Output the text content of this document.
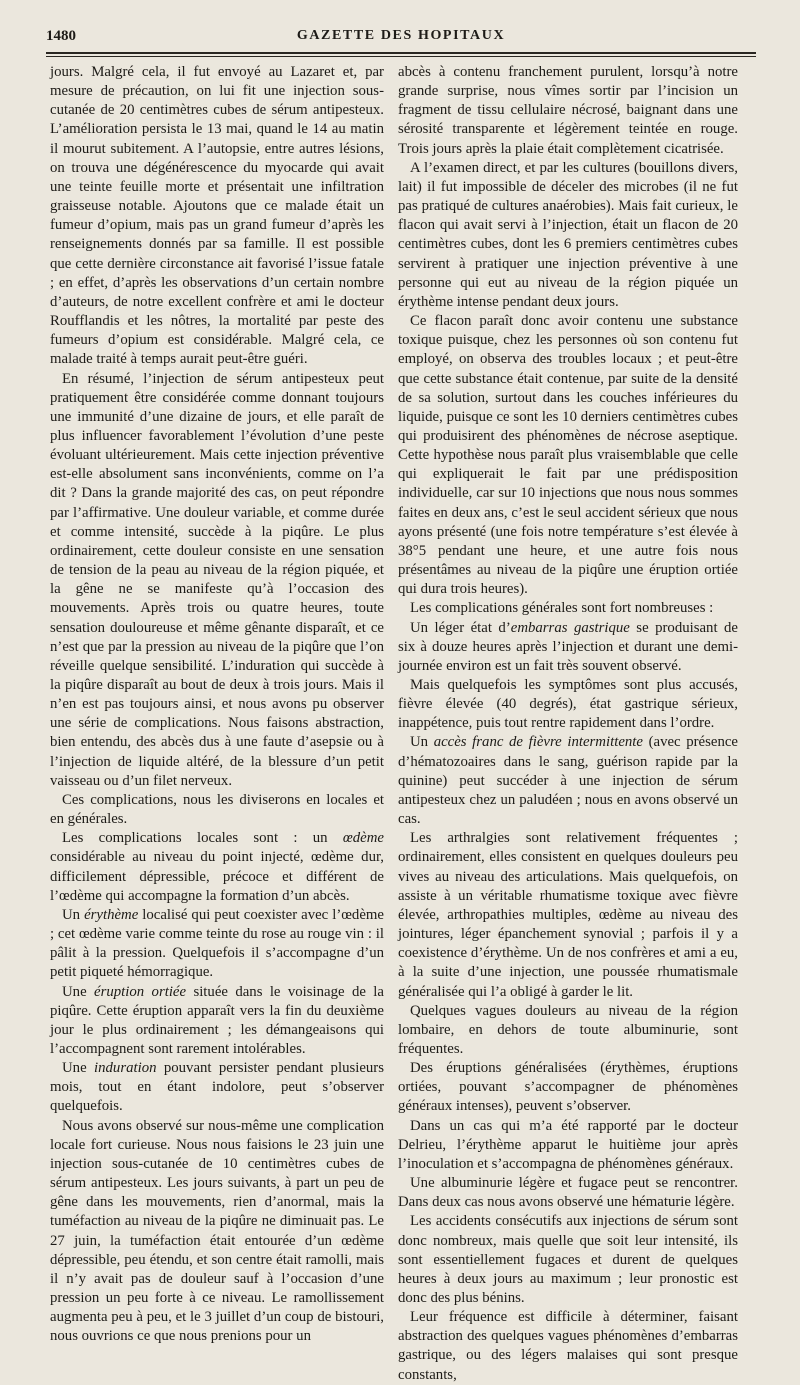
1480	GAZETTE DES HOPITAUX

jours. Malgré cela, il fut envoyé au Lazaret et, par mesure de précaution, on lui fit une injection sous-cutanée de 20 centimètres cubes de sérum antipesteux. L’amélioration persista le 13 mai, quand le 14 au matin il mourut subitement. A l’autopsie, entre autres lésions, on trouva une dégénérescence du myocarde qui avait une teinte feuille morte et présentait une infiltration graisseuse notable. Ajoutons que ce malade était un fumeur d’opium, mais pas un grand fumeur d’après les renseignements donnés par sa famille. Il est possible que cette dernière circonstance ait favorisé l’issue fatale ; en effet, d’après les observations d’un certain nombre d’auteurs, de notre excellent confrère et ami le docteur Roufflandis et les nôtres, la mortalité par peste des fumeurs d’opium est considérable. Malgré cela, ce malade traité à temps aurait peut-être guéri.

En résumé, l’injection de sérum antipesteux peut pratiquement être considérée comme donnant toujours une immunité d’une dizaine de jours, et elle paraît de plus influencer favorablement l’évolution d’une peste évoluant ultérieurement. Mais cette injection préventive est-elle absolument sans inconvénients, comme on l’a dit ? Dans la grande majorité des cas, on peut répondre par l’affirmative. Une douleur variable, et comme durée et comme intensité, succède à la piqûre. Le plus ordinairement, cette douleur consiste en une sensation de tension de la peau au niveau de la région piquée, et la gêne ne se manifeste qu’à l’occasion des mouvements. Après trois ou quatre heures, toute sensation douloureuse et même gênante disparaît, et ce n’est que par la pression au niveau de la piqûre que l’on réveille quelque sensibilité. L’induration qui succède à la piqûre disparaît au bout de deux à trois jours. Mais il n’en est pas toujours ainsi, et nous avons pu observer une série de complications. Nous faisons abstraction, bien entendu, des abcès dus à une faute d’asepsie ou à l’injection de liquide altéré, de la blessure d’un petit vaisseau ou d’un filet nerveux.

Ces complications, nous les diviserons en locales et en générales.

Les complications locales sont : un œdème considérable au niveau du point injecté, œdème dur, difficilement dépressible, précoce et différent de l’œdème qui accompagne la formation d’un abcès.

Un érythème localisé qui peut coexister avec l’œdème ; cet œdème varie comme teinte du rose au rouge vin : il pâlit à la pression. Quelquefois il s’accompagne d’un petit piqueté hémorragique.

Une éruption ortiée située dans le voisinage de la piqûre. Cette éruption apparaît vers la fin du deuxième jour le plus ordinairement ; les démangeaisons qui l’accompagnent sont rarement intolérables.

Une induration pouvant persister pendant plusieurs mois, tout en étant indolore, peut s’observer quelquefois.

Nous avons observé sur nous-même une complication locale fort curieuse. Nous nous faisions le 23 juin une injection sous-cutanée de 10 centimètres cubes de sérum antipesteux. Les jours suivants, à part un peu de gêne dans les mouvements, rien d’anormal, mais la tuméfaction au niveau de la piqûre ne diminuait pas. Le 27 juin, la tuméfaction était entourée d’un œdème dépressible, peu étendu, et son centre était ramolli, mais il n’y avait pas de douleur sauf à l’occasion d’une pression un peu forte à ce niveau. Le ramollissement augmenta peu à peu, et le 3 juillet d’un coup de bistouri, nous ouvrions ce que nous prenions pour un

abcès à contenu franchement purulent, lorsqu’à notre grande surprise, nous vîmes sortir par l’incision un fragment de tissu cellulaire nécrosé, baignant dans une sérosité transparente et légèrement teintée en rouge. Trois jours après la plaie était complètement cicatrisée.

A l’examen direct, et par les cultures (bouillons divers, lait) il fut impossible de déceler des microbes (il ne fut pas pratiqué de cultures anaérobies). Mais fait curieux, le flacon qui avait servi à l’injection, était un flacon de 20 centimètres cubes, dont les 6 premiers centimètres cubes servirent à pratiquer une injection préventive à une personne qui eut au niveau de la région piquée un érythème intense pendant deux jours.

Ce flacon paraît donc avoir contenu une substance toxique puisque, chez les personnes où son contenu fut employé, on observa des troubles locaux ; et peut-être que cette substance était contenue, par suite de la densité de sa solution, surtout dans les couches inférieures du liquide, puisque ce sont les 10 derniers centimètres cubes qui produisirent des phénomènes de nécrose aseptique. Cette hypothèse nous paraît plus vraisemblable que celle qui expliquerait le fait par une prédisposition individuelle, car sur 10 injections que nous nous sommes faites en deux ans, c’est le seul accident sérieux que nous ayons présenté (une fois notre température s’est élevée à 38°5 pendant une heure, et une autre fois nous présentâmes au niveau de la piqûre une éruption ortiée qui dura trois heures).

Les complications générales sont fort nombreuses :

Un léger état d’embarras gastrique se produisant de six à douze heures après l’injection et durant une demi-journée environ est un fait très souvent observé.

Mais quelquefois les symptômes sont plus accusés, fièvre élevée (40 degrés), état gastrique sérieux, inappétence, puis tout rentre rapidement dans l’ordre.

Un accès franc de fièvre intermittente (avec présence d’hématozoaires dans le sang, guérison rapide par la quinine) peut succéder à une injection de sérum antipesteux chez un paludéen ; nous en avons observé un cas.

Les arthralgies sont relativement fréquentes ; ordinairement, elles consistent en quelques douleurs peu vives au niveau des articulations. Mais quelquefois, on assiste à un véritable rhumatisme toxique avec fièvre élevée, arthropathies multiples, œdème au niveau des jointures, léger épanchement synovial ; parfois il y a coexistence d’érythème. Un de nos confrères et ami a eu, à la suite d’une injection, une poussée rhumatismale généralisée qui l’a obligé à garder le lit.

Quelques vagues douleurs au niveau de la région lombaire, en dehors de toute albuminurie, sont fréquentes.

Des éruptions généralisées (érythèmes, éruptions ortiées, pouvant s’accompagner de phénomènes généraux intenses), peuvent s’observer.

Dans un cas qui m’a été rapporté par le docteur Delrieu, l’érythème apparut le huitième jour après l’inoculation et s’accompagna de phénomènes généraux.

Une albuminurie légère et fugace peut se rencontrer. Dans deux cas nous avons observé une hématurie légère.

Les accidents consécutifs aux injections de sérum sont donc nombreux, mais quelle que soit leur intensité, ils sont essentiellement fugaces et durent de quelques heures à deux jours au maximum ; leur pronostic est donc des plus bénins.

Leur fréquence est difficile à déterminer, faisant abstraction des quelques vagues phénomènes d’embarras gastrique, ou des légers malaises qui sont presque constants,
